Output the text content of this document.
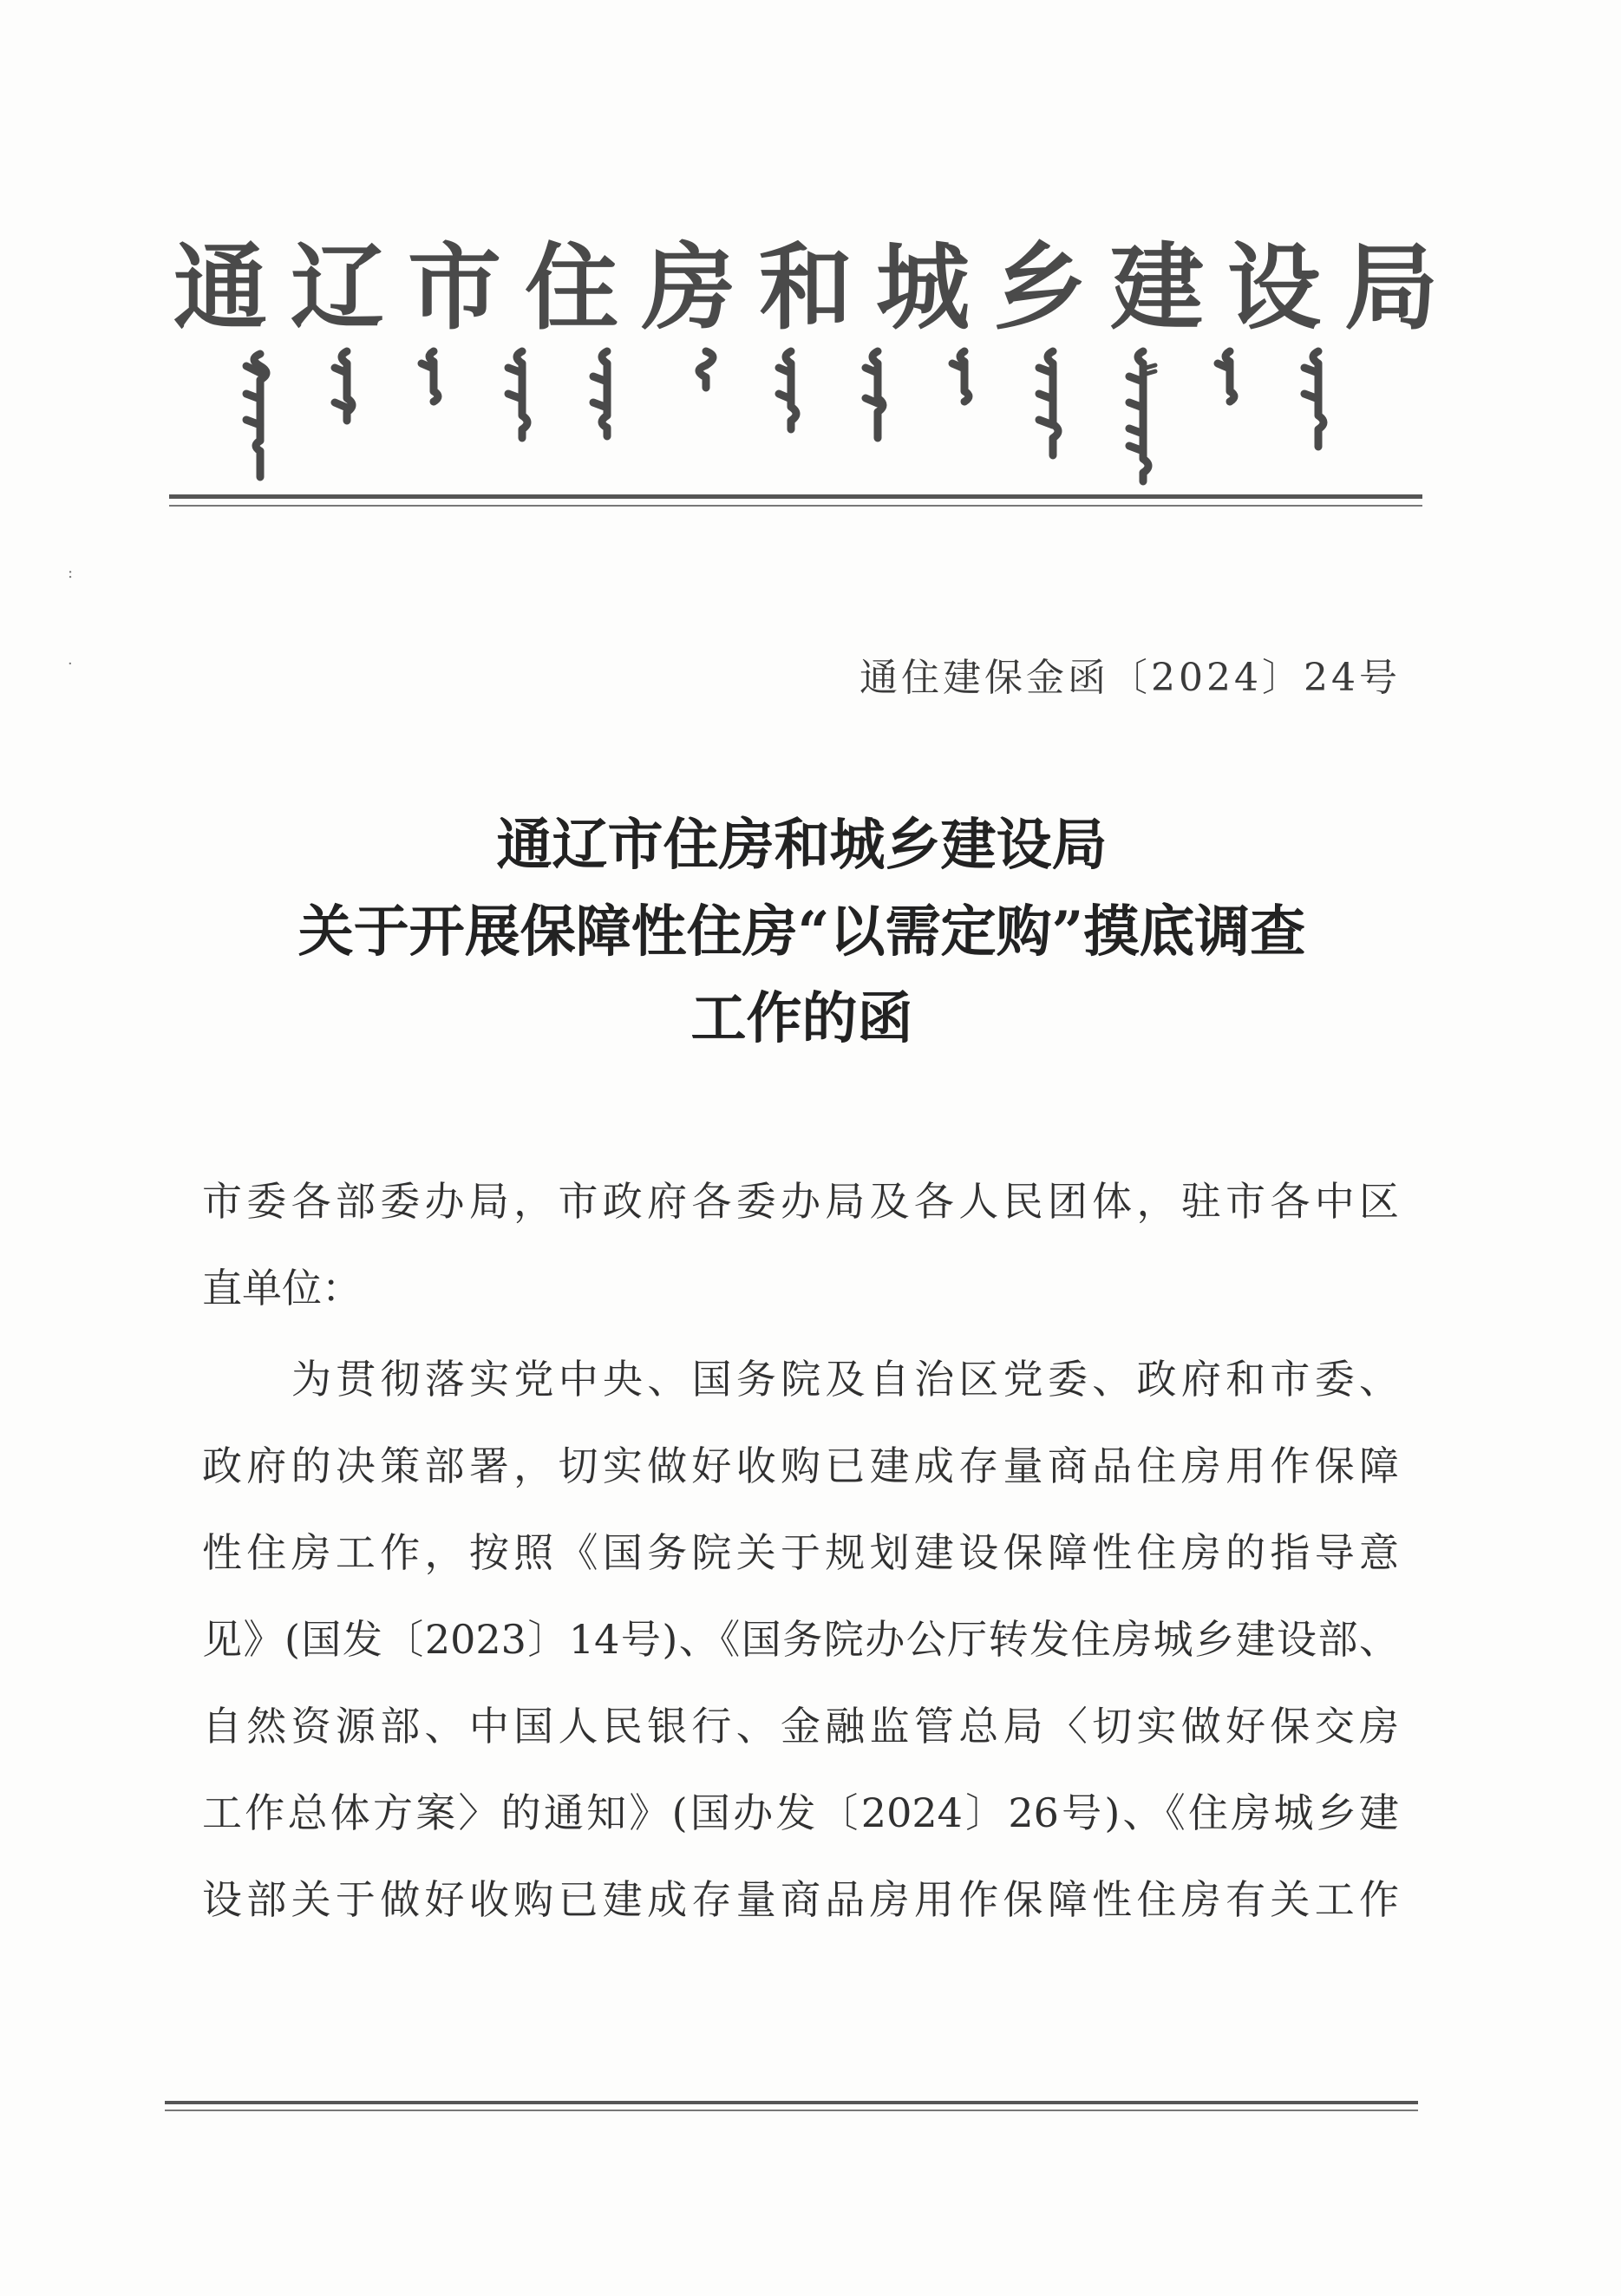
通辽市住房和城乡建设局
:
·	通住建保金函〔2024〕24号
通辽市住房和城乡建设局
关于开展保障性住房“以需定购”摸底调查
工作的函
市委各部委办局，市政府各委办局及各人民团体，驻市各中区
直单位：
为贯彻落实党中央、国务院及自治区党委、政府和市委、
政府的决策部署，切实做好收购已建成存量商品住房用作保障
性住房工作，按照《国务院关于规划建设保障性住房的指导意
见》(国发〔2023〕14号)、《国务院办公厅转发住房城乡建设部、
自然资源部、中国人民银行、金融监管总局〈切实做好保交房
工作总体方案〉的通知》(国办发〔2024〕26号)、《住房城乡建
设部关于做好收购已建成存量商品房用作保障性住房有关工作
